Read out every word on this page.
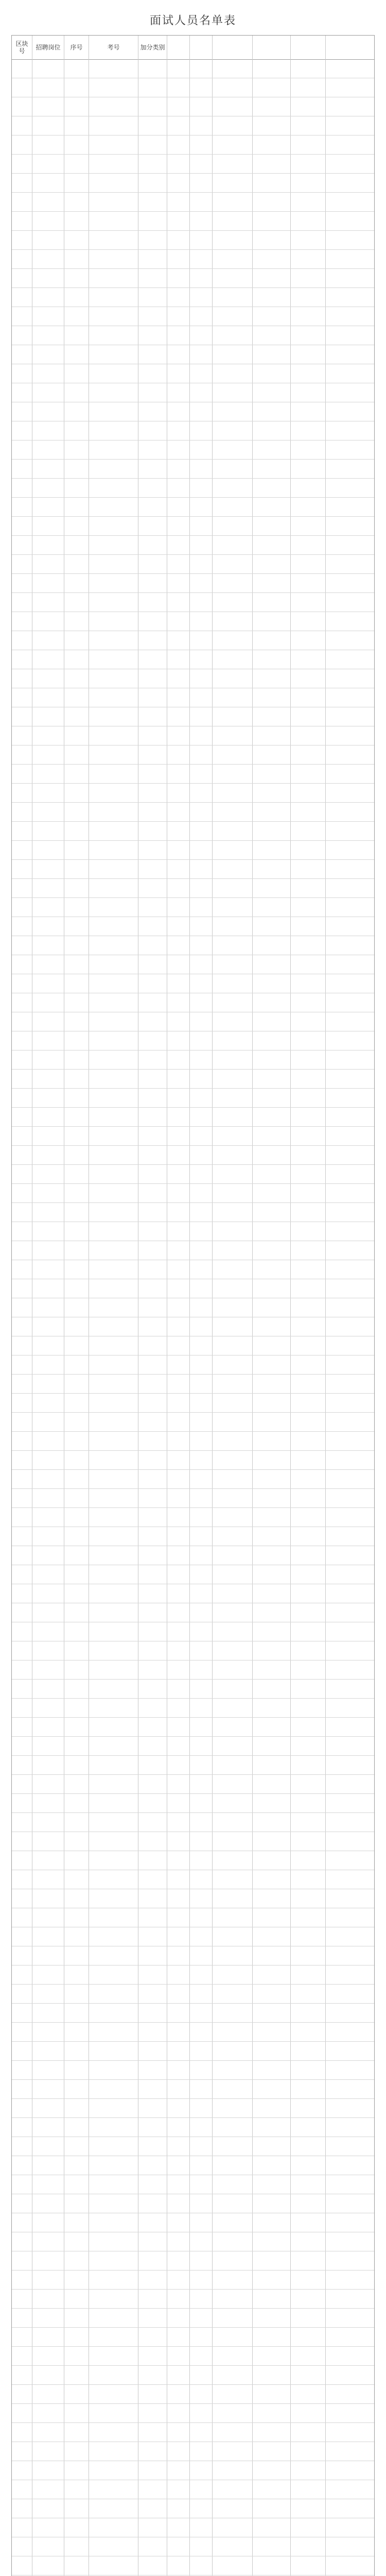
面试人员名单表
区块号	招聘岗位	序号	考号	加分类别
